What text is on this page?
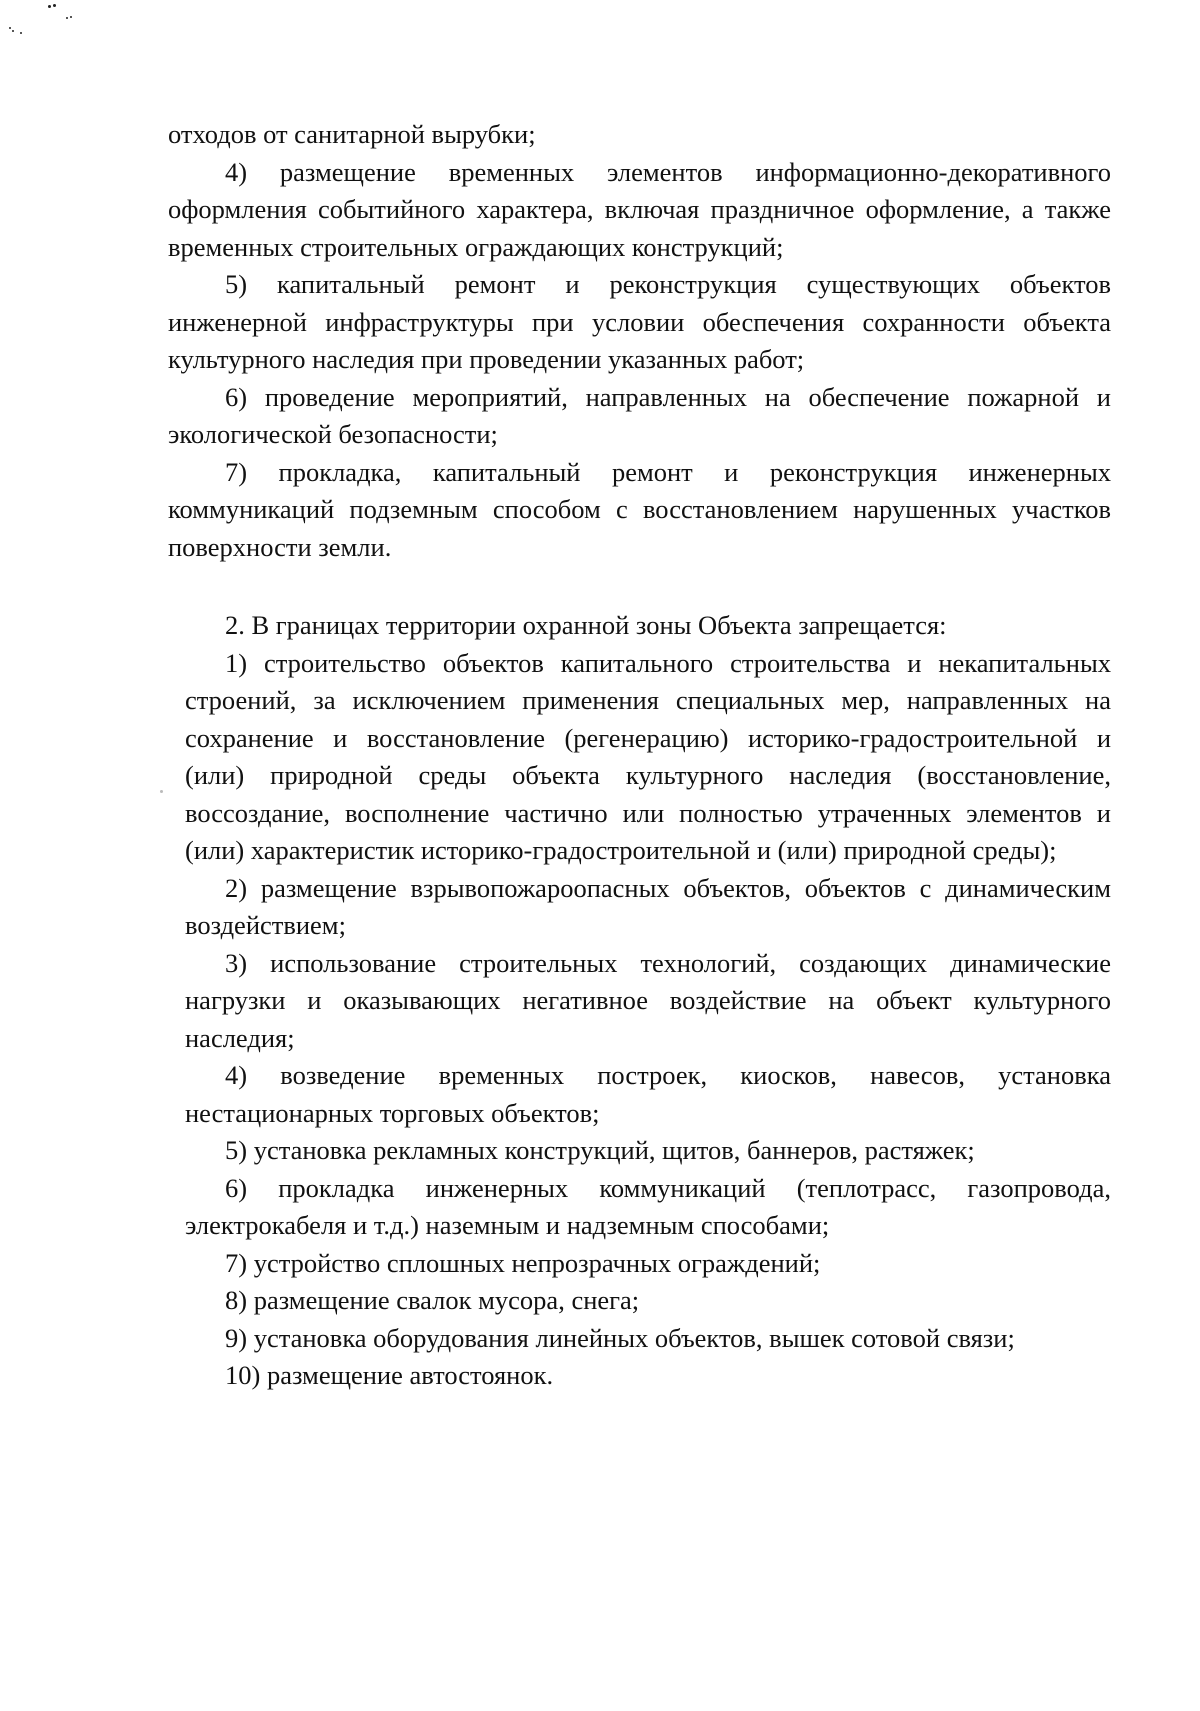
отходов от санитарной вырубки;

4) размещение временных элементов информационно-декоративного оформления событийного характера, включая праздничное оформление, а также временных строительных ограждающих конструкций;

5) капитальный ремонт и реконструкция существующих объектов инженерной инфраструктуры при условии обеспечения сохранности объекта культурного наследия при проведении указанных работ;

6) проведение мероприятий, направленных на обеспечение пожарной и экологической безопасности;

7) прокладка, капитальный ремонт и реконструкция инженерных коммуникаций подземным способом с восстановлением нарушенных участков поверхности земли.

2. В границах территории охранной зоны Объекта запрещается:

1) строительство объектов капитального строительства и некапитальных строений, за исключением применения специальных мер, направленных на сохранение и восстановление (регенерацию) историко-градостроительной и (или) природной среды объекта культурного наследия (восстановление, воссоздание, восполнение частично или полностью утраченных элементов и (или) характеристик историко-градостроительной и (или) природной среды);

2) размещение взрывопожароопасных объектов, объектов с динамическим воздействием;

3) использование строительных технологий, создающих динамические нагрузки и оказывающих негативное воздействие на объект культурного наследия;

4) возведение временных построек, киосков, навесов, установка нестационарных торговых объектов;

5) установка рекламных конструкций, щитов, баннеров, растяжек;

6) прокладка инженерных коммуникаций (теплотрасс, газопровода, электрокабеля и т.д.) наземным и надземным способами;

7) устройство сплошных непрозрачных ограждений;

8) размещение свалок мусора, снега;

9) установка оборудования линейных объектов, вышек сотовой связи;

10) размещение автостоянок.
